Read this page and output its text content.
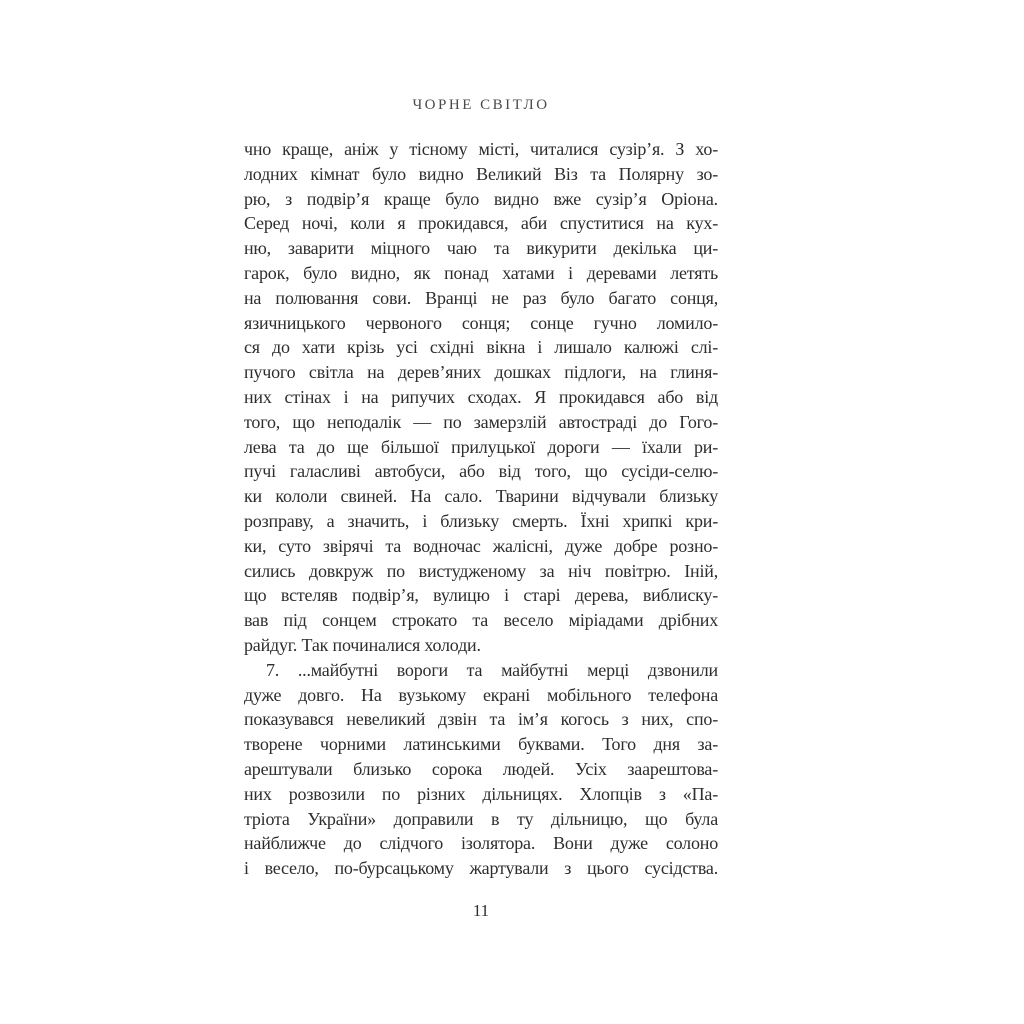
ЧОРНЕ СВІТЛО
чно краще, аніж у тісному місті, читалися сузір’я. З хо-
лодних кімнат було видно Великий Віз та Полярну зо-
рю, з подвір’я краще було видно вже сузір’я Оріона.
Серед ночі, коли я прокидався, аби спуститися на кух-
ню, заварити міцного чаю та викурити декілька ци-
гарок, було видно, як понад хатами і деревами летять
на полювання сови. Вранці не раз було багато сонця,
язичницького червоного сонця; сонце гучно ломило-
ся до хати крізь усі східні вікна і лишало калюжі слі-
пучого світла на дерев’яних дошках підлоги, на глиня-
них стінах і на рипучих сходах. Я прокидався або від
того, що неподалік — по замерзлій автостраді до Гого-
лева та до ще більшої прилуцької дороги — їхали ри-
пучі галасливі автобуси, або від того, що сусіди-селю-
ки кололи свиней. На сало. Тварини відчували близьку
розправу, а значить, і близьку смерть. Їхні хрипкі кри-
ки, суто звірячі та водночас жалісні, дуже добре розно-
сились довкруж по вистудженому за ніч повітрю. Іній,
що встеляв подвір’я, вулицю і старі дерева, виблиску-
вав під сонцем строкато та весело міріадами дрібних
райдуг. Так починалися холоди.
7. ...майбутні вороги та майбутні мерці дзвонили
дуже довго. На вузькому екрані мобільного телефона
показувався невеликий дзвін та ім’я когось з них, спо-
творене чорними латинськими буквами. Того дня за-
арештували близько сорока людей. Усіх заарештова-
них розвозили по різних дільницях. Хлопців з «Па-
тріота України» доправили в ту дільницю, що була
найближче до слідчого ізолятора. Вони дуже солоно
і весело, по-бурсацькому жартували з цього сусідства.
11
